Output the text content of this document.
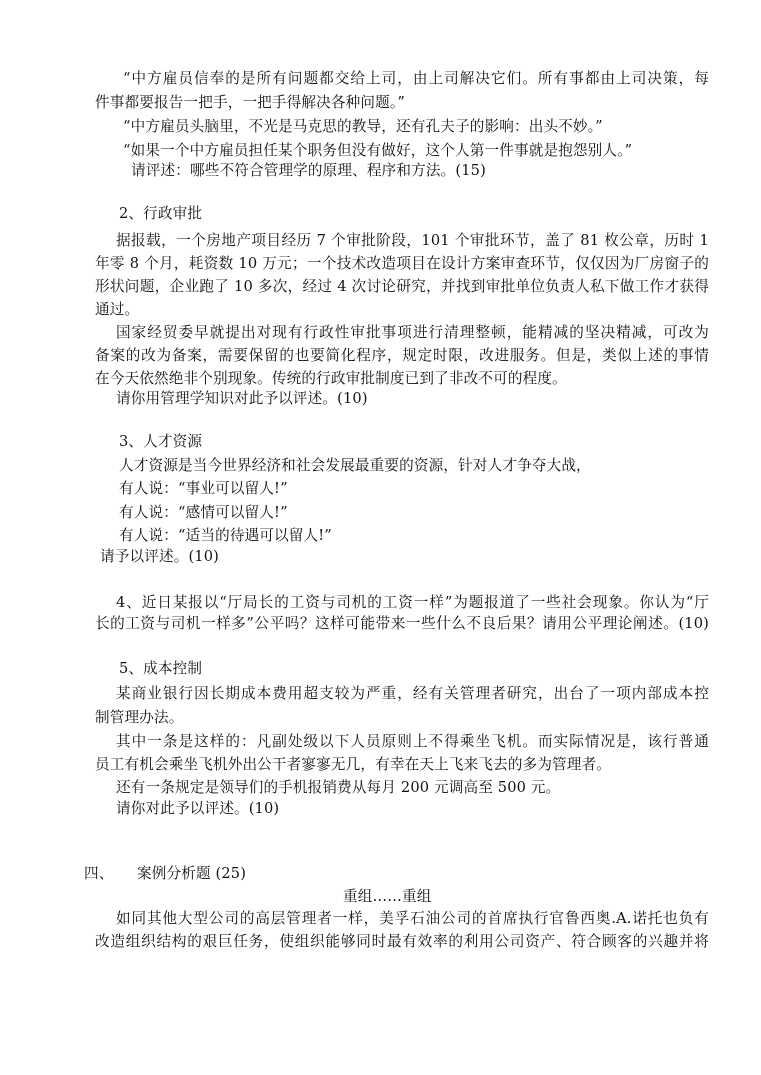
“中方雇员信奉的是所有问题都交给上司，由上司解决它们。所有事都由上司决策，每
件事都要报告一把手，一把手得解决各种问题。”
“中方雇员头脑里，不光是马克思的教导，还有孔夫子的影响：出头不妙。”
“如果一个中方雇员担任某个职务但没有做好，这个人第一件事就是抱怨别人。”
请评述：哪些不符合管理学的原理、程序和方法。(15)
2、行政审批
据报载，一个房地产项目经历 7 个审批阶段，101 个审批环节，盖了 81 枚公章，历时 1
年零 8 个月，耗资数 10 万元；一个技术改造项目在设计方案审查环节，仅仅因为厂房窗子的
形状问题，企业跑了 10 多次，经过 4 次讨论研究，并找到审批单位负责人私下做工作才获得
通过。
国家经贸委早就提出对现有行政性审批事项进行清理整顿，能精减的坚决精减，可改为
备案的改为备案，需要保留的也要简化程序，规定时限，改进服务。但是，类似上述的事情
在今天依然绝非个别现象。传统的行政审批制度已到了非改不可的程度。
请你用管理学知识对此予以评述。(10)
3、人才资源
人才资源是当今世界经济和社会发展最重要的资源，针对人才争夺大战，
有人说：“事业可以留人!”
有人说：“感情可以留人!”
有人说：“适当的待遇可以留人!”
请予以评述。(10)
4、近日某报以“厅局长的工资与司机的工资一样”为题报道了一些社会现象。你认为“厅
长的工资与司机一样多”公平吗？这样可能带来一些什么不良后果？请用公平理论阐述。(10)
5、成本控制
某商业银行因长期成本费用超支较为严重，经有关管理者研究，出台了一项内部成本控
制管理办法。
其中一条是这样的：凡副处级以下人员原则上不得乘坐飞机。而实际情况是，该行普通
员工有机会乘坐飞机外出公干者寥寥无几，有幸在天上飞来飞去的多为管理者。
还有一条规定是领导们的手机报销费从每月 200 元调高至 500 元。
请你对此予以评述。(10)
四、 案例分析题 (25)
重组……重组
如同其他大型公司的高层管理者一样，美孚石油公司的首席执行官鲁西奥.A.诺托也负有
改造组织结构的艰巨任务，使组织能够同时最有效率的利用公司资产、符合顾客的兴趣并将
